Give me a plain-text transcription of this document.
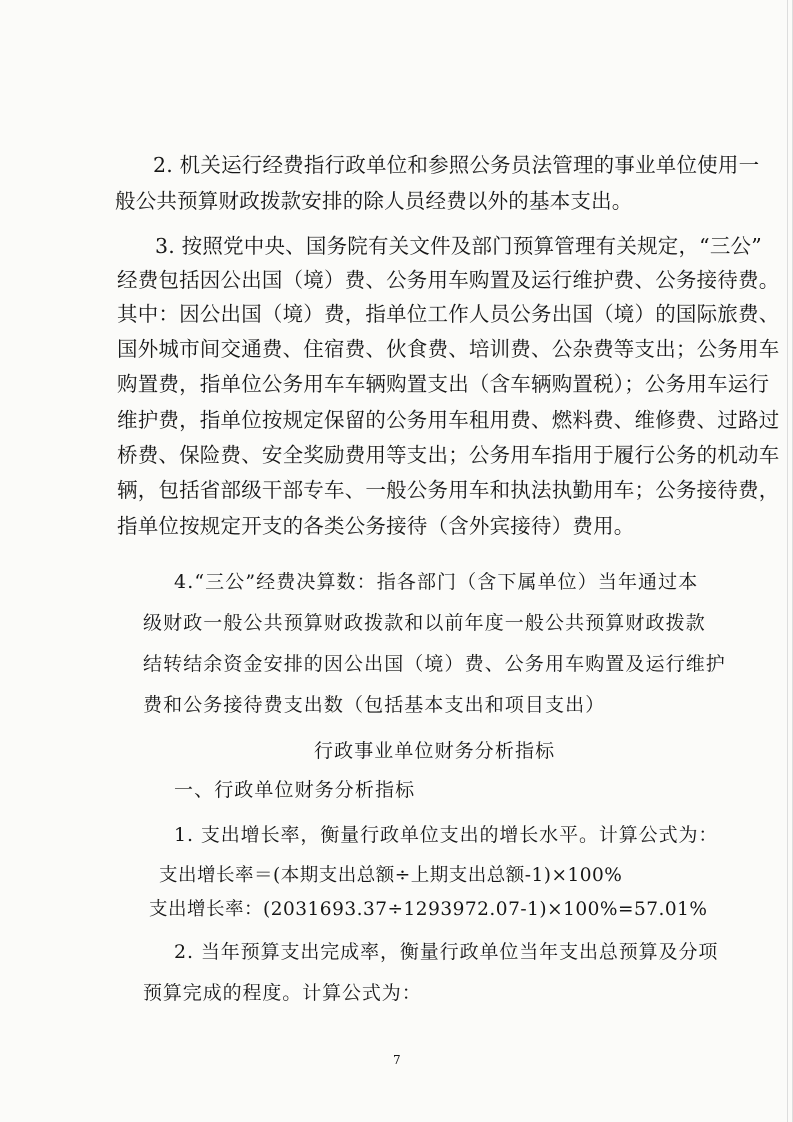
2. 机关运行经费指行政单位和参照公务员法管理的事业单位使用一

般公共预算财政拨款安排的除人员经费以外的基本支出。

3. 按照党中央、国务院有关文件及部门预算管理有关规定，“三公”

经费包括因公出国（境）费、公务用车购置及运行维护费、公务接待费。

其中：因公出国（境）费，指单位工作人员公务出国（境）的国际旅费、

国外城市间交通费、住宿费、伙食费、培训费、公杂费等支出；公务用车

购置费，指单位公务用车车辆购置支出（含车辆购置税）；公务用车运行

维护费，指单位按规定保留的公务用车租用费、燃料费、维修费、过路过

桥费、保险费、安全奖励费用等支出；公务用车指用于履行公务的机动车

辆，包括省部级干部专车、一般公务用车和执法执勤用车；公务接待费，

指单位按规定开支的各类公务接待（含外宾接待）费用。

4.“三公”经费决算数：指各部门（含下属单位）当年通过本

级财政一般公共预算财政拨款和以前年度一般公共预算财政拨款

结转结余资金安排的因公出国（境）费、公务用车购置及运行维护

费和公务接待费支出数（包括基本支出和项目支出）

行政事业单位财务分析指标

一、行政单位财务分析指标

1. 支出增长率，衡量行政单位支出的增长水平。计算公式为：

支出增长率＝(本期支出总额÷上期支出总额-1)×100%

支出增长率：(2031693.37÷1293972.07-1)×100%=57.01%

2. 当年预算支出完成率，衡量行政单位当年支出总预算及分项

预算完成的程度。计算公式为：

7
